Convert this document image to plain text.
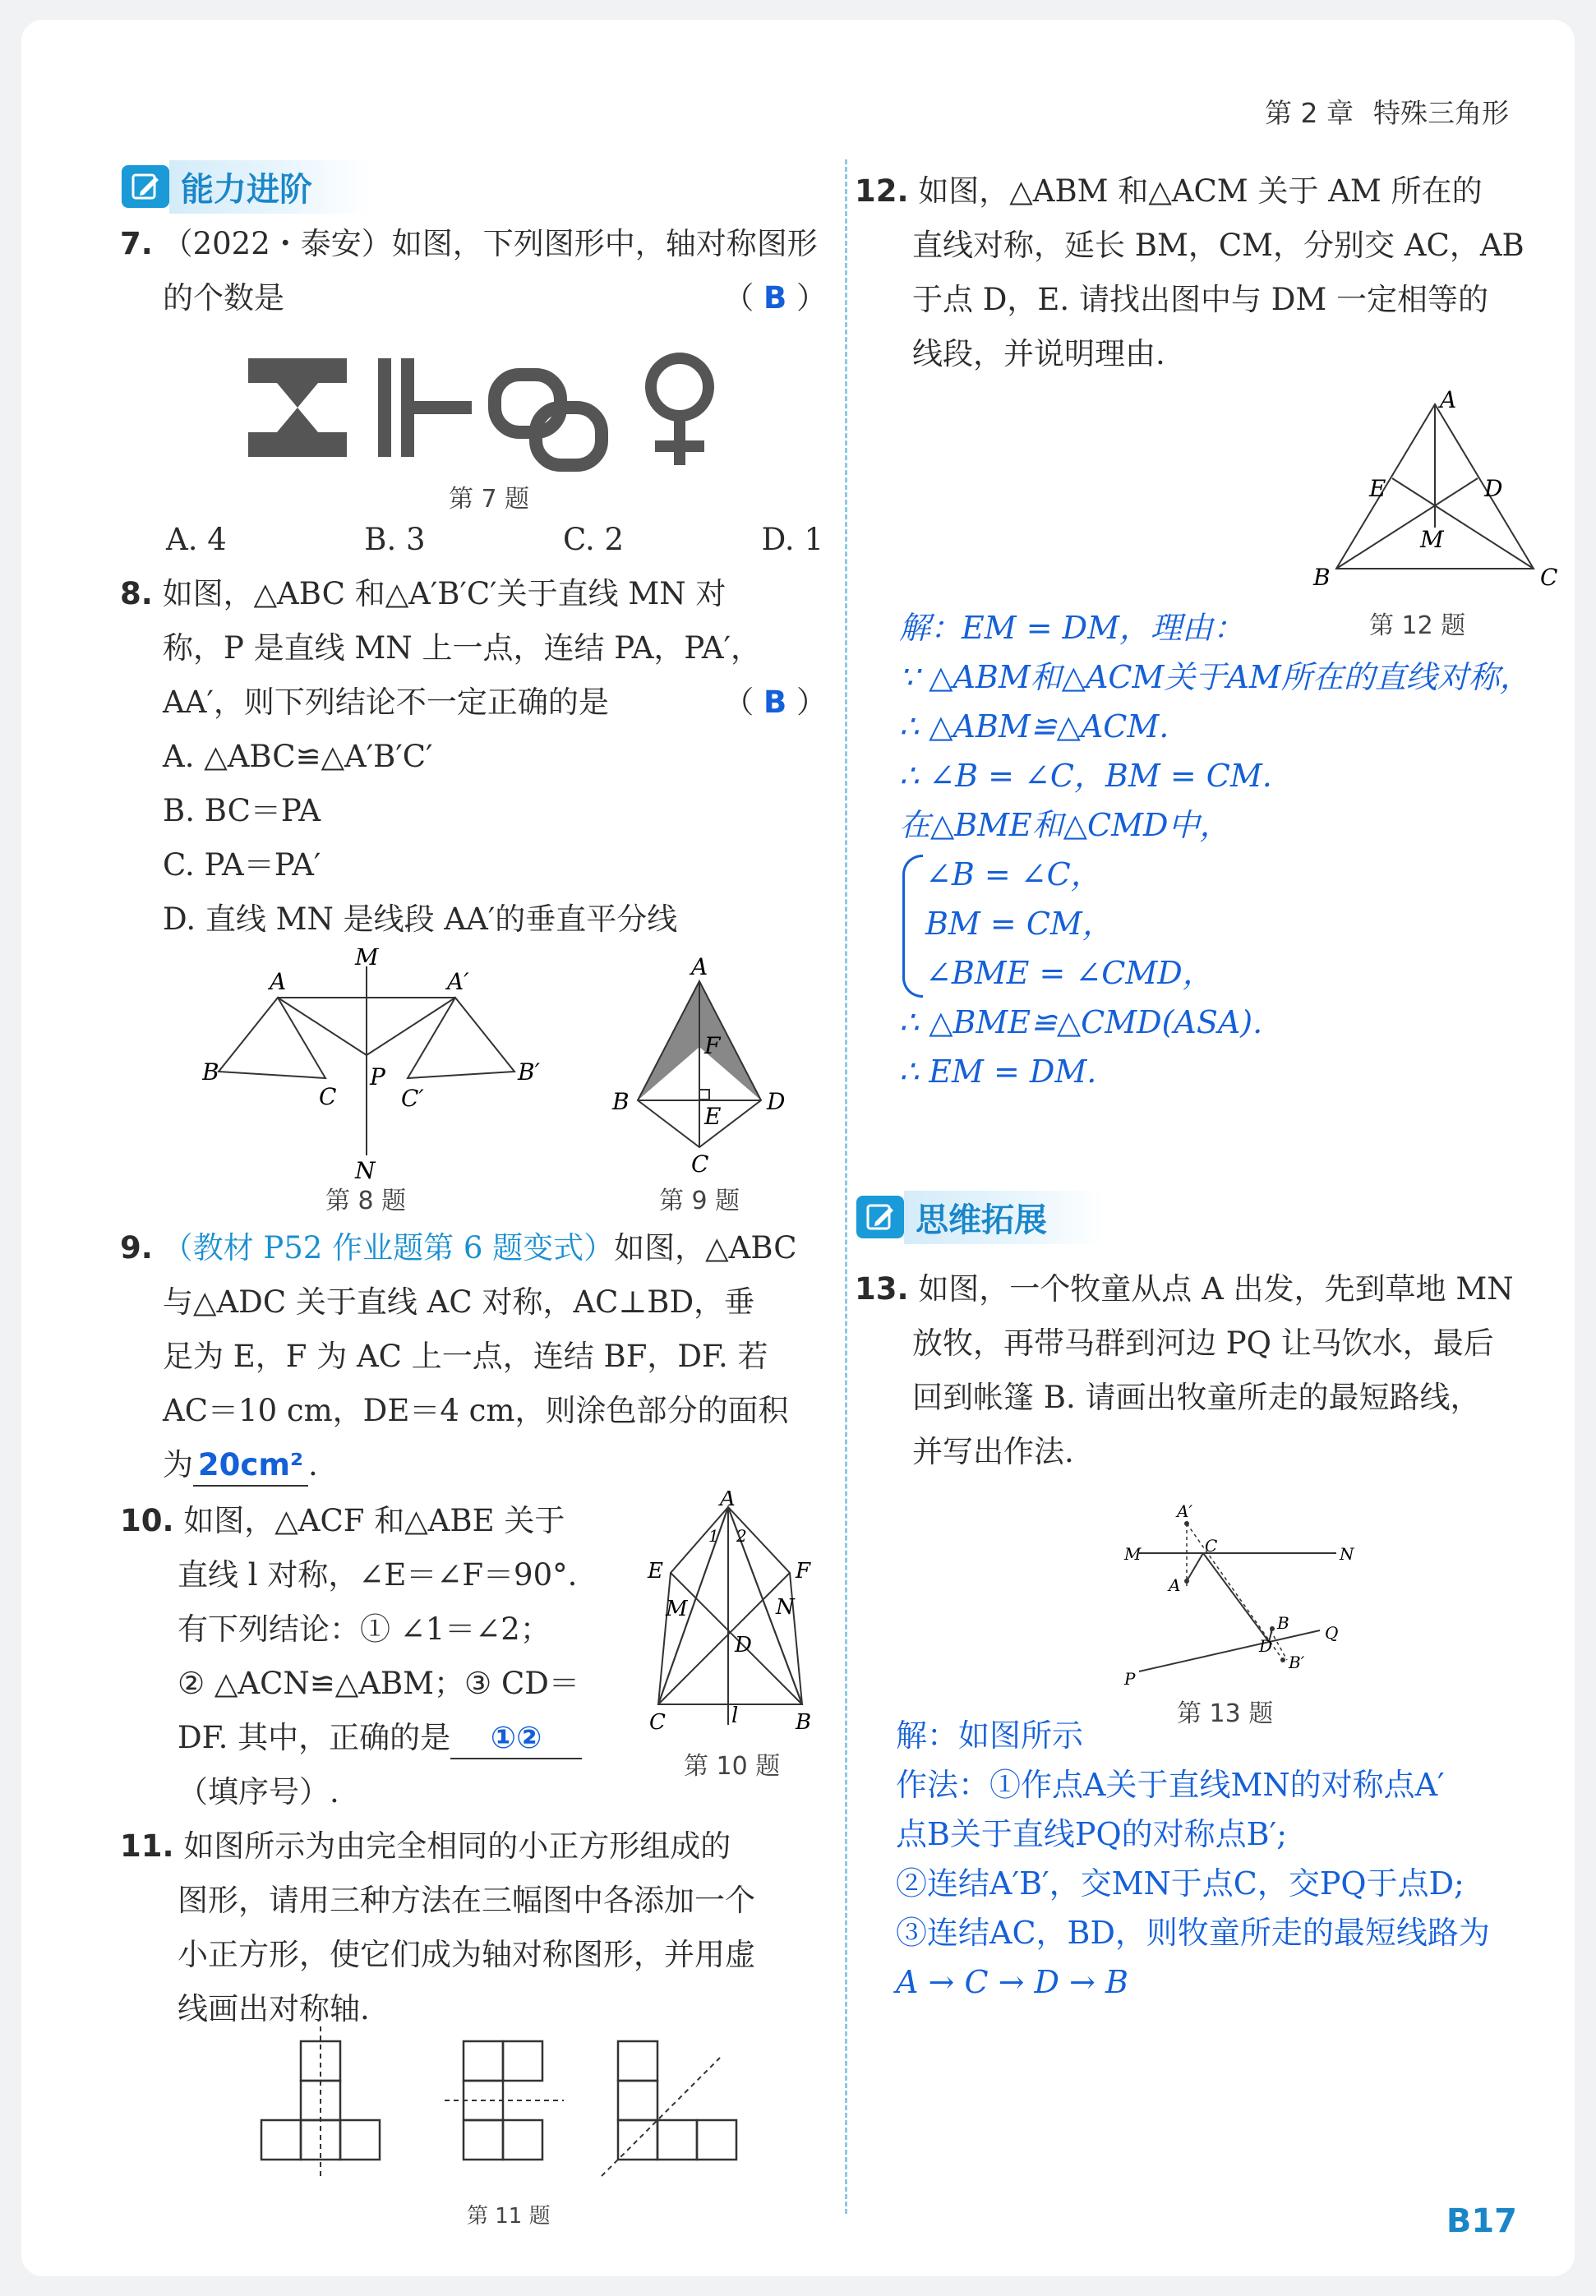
第 2 章 特殊三角形
能力进阶
7. （2022・泰安）如图，下列图形中，轴对称图形
的个数是	（ B ）
第 7 题
A. 4	B. 3	C. 2	D. 1
8. 如图，△ABC 和△A′B′C′关于直线 MN 对
称，P 是直线 MN 上一点，连结 PA，PA′，
AA′，则下列结论不一定正确的是	（ B ）
A. △ABC≌△A′B′C′
B. BC＝PA
C. PA＝PA′
D. 直线 MN 是线段 AA′的垂直平分线
M
A	A′
B	B′
C
P
C′
N
第 8 题
A
F
B	D
E
C
第 9 题
9. （教材 P52 作业题第 6 题变式）如图，△ABC
与△ADC 关于直线 AC 对称，AC⊥BD，垂
足为 E，F 为 AC 上一点，连结 BF，DF. 若
AC＝10 cm，DE＝4 cm，则涂色部分的面积
为 20cm² .
10. 如图，△ACF 和△ABE 关于
直线 l 对称，∠E＝∠F＝90°.
有下列结论：① ∠1＝∠2；
② △ACN≌△ABM；③ CD＝
DF. 其中，正确的是 ①②
（填序号）.
A
1 2
E	F
M	N
D
C	l	B
第 10 题
11. 如图所示为由完全相同的小正方形组成的
图形，请用三种方法在三幅图中各添加一个
小正方形，使它们成为轴对称图形，并用虚
线画出对称轴.
第 11 题
12. 如图，△ABM 和△ACM 关于 AM 所在的
直线对称，延长 BM，CM，分别交 AC，AB
于点 D，E. 请找出图中与 DM 一定相等的
线段，并说明理由.
A
E	D
M
B	C
第 12 题
解：EM = DM，理由：
∵ △ABM和△ACM关于AM所在的直线对称，
∴ △ABM≌△ACM.
∴ ∠B = ∠C，BM = CM.
在△BME和△CMD中，
∠B = ∠C，
BM = CM，
∠BME = ∠CMD，
∴ △BME≌△CMD(ASA).
∴ EM = DM.
思维拓展
13. 如图，一个牧童从点 A 出发，先到草地 MN
放牧，再带马群到河边 PQ 让马饮水，最后
回到帐篷 B. 请画出牧童所走的最短路线，
并写出作法.
A′
M	C	N
A
B
D
B′
Q
P
第 13 题
解：如图所示
作法：①作点A关于直线MN的对称点A′
点B关于直线PQ的对称点B′;
②连结A′B′，交MN于点C，交PQ于点D;
③连结AC，BD，则牧童所走的最短线路为
A → C → D → B
B17
